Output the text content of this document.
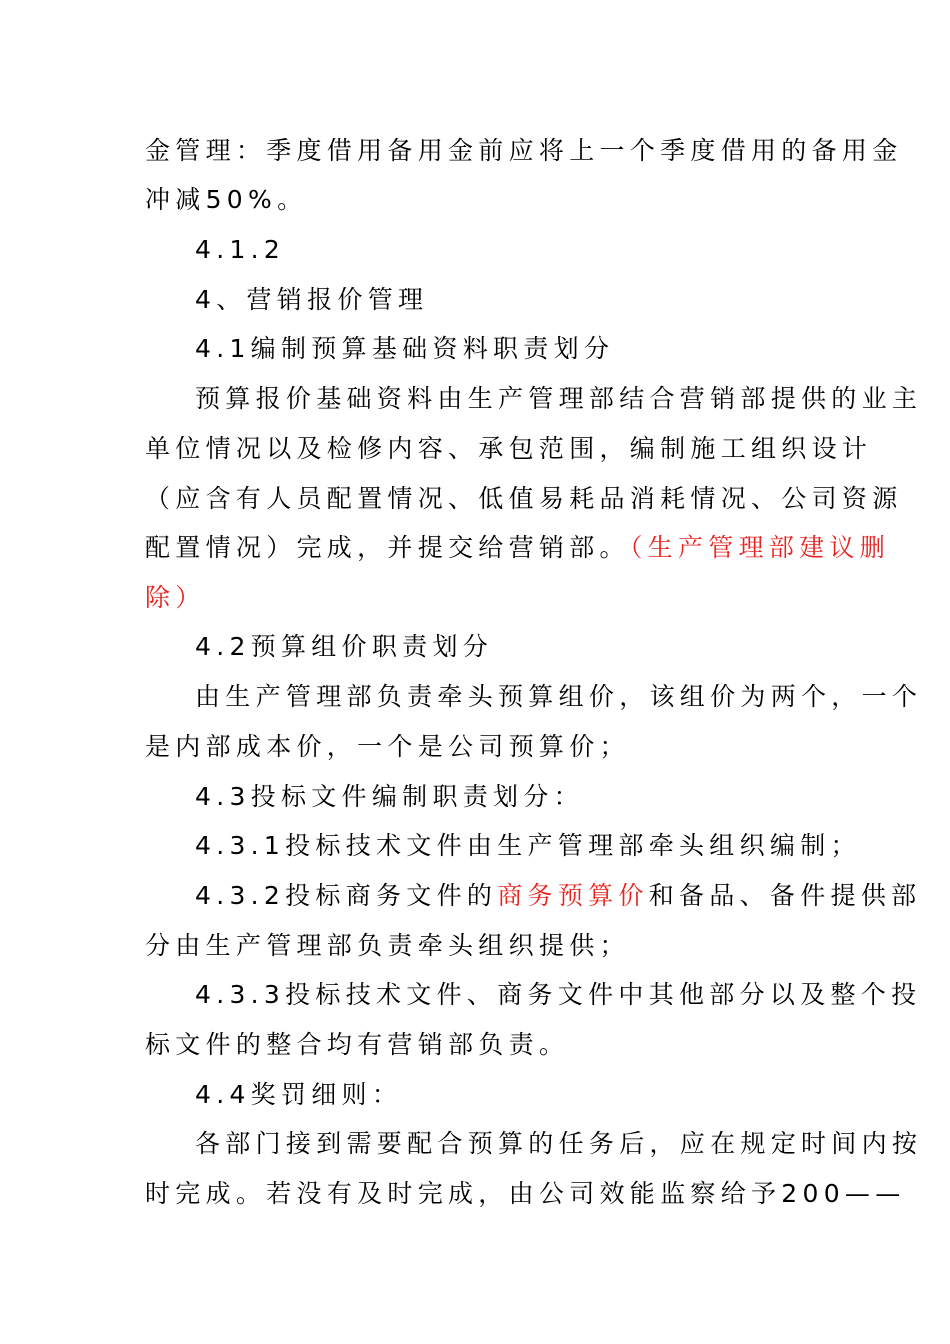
金管理：季度借用备用金前应将上一个季度借用的备用金
冲减50%。
4.1.2
4、营销报价管理
4.1编制预算基础资料职责划分
预算报价基础资料由生产管理部结合营销部提供的业主
单位情况以及检修内容、承包范围，编制施工组织设计
（应含有人员配置情况、低值易耗品消耗情况、公司资源
配置情况）完成，并提交给营销部。（生产管理部建议删
除）
4.2预算组价职责划分
由生产管理部负责牵头预算组价，该组价为两个，一个
是内部成本价，一个是公司预算价；
4.3投标文件编制职责划分：
4.3.1投标技术文件由生产管理部牵头组织编制；
4.3.2投标商务文件的商务预算价和备品、备件提供部
分由生产管理部负责牵头组织提供；
4.3.3投标技术文件、商务文件中其他部分以及整个投
标文件的整合均有营销部负责。
4.4奖罚细则：
各部门接到需要配合预算的任务后，应在规定时间内按
时完成。若没有及时完成，由公司效能监察给予200——
